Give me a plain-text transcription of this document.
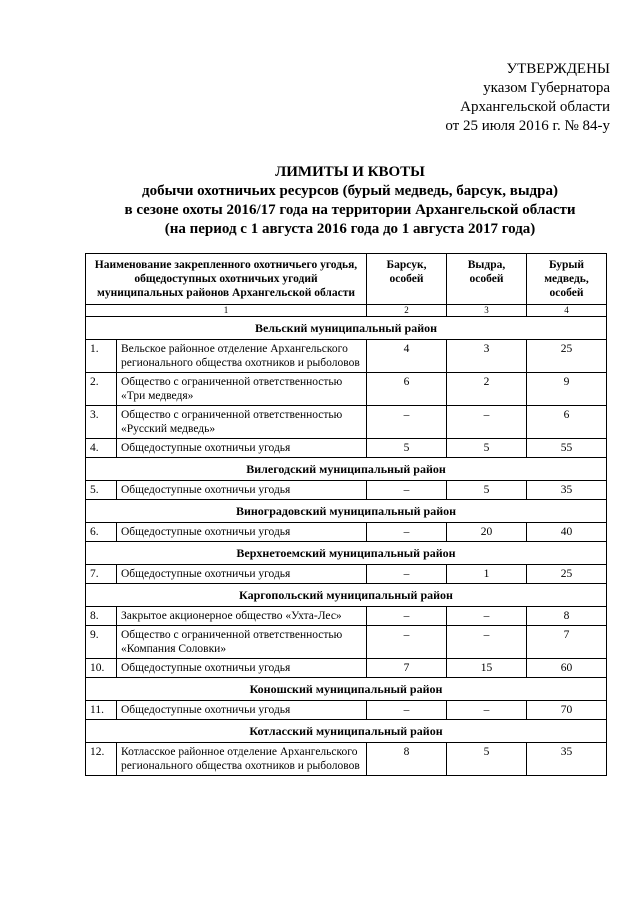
УТВЕРЖДЕНЫ
указом Губернатора
Архангельской области
от 25 июля 2016 г. № 84-у
ЛИМИТЫ И КВОТЫ
добычи охотничьих ресурсов (бурый медведь, барсук, выдра)
в сезоне охоты 2016/17 года на территории Архангельской области
(на период с 1 августа 2016 года до 1 августа 2017 года)
Наименование закрепленного охотничьего угодья, общедоступных охотничьих угодий муниципальных районов Архангельской области		Барсук, особей	Выдра, особей	Бурый медведь, особей
1		2	3	4
Вельский муниципальный район				
1.	Вельское районное отделение Архангельского регионального общества охотников и рыболовов	4	3	25
2.	Общество с ограниченной ответственностью «Три медведя»	6	2	9
3.	Общество с ограниченной ответственностью «Русский медведь»	–	–	6
4.	Общедоступные охотничьи угодья	5	5	55
Вилегодский муниципальный район				
5.	Общедоступные охотничьи угодья	–	5	35
Виноградовский муниципальный район				
6.	Общедоступные охотничьи угодья	–	20	40
Верхнетоемский муниципальный район				
7.	Общедоступные охотничьи угодья	–	1	25
Каргопольский муниципальный район				
8.	Закрытое акционерное общество «Ухта-Лес»	–	–	8
9.	Общество с ограниченной ответственностью «Компания Соловки»	–	–	7
10.	Общедоступные охотничьи угодья	7	15	60
Коношский муниципальный район				
11.	Общедоступные охотничьи угодья	–	–	70
Котласский муниципальный район				
12.	Котласское районное отделение Архангельского регионального общества охотников и рыболовов	8	5	35
